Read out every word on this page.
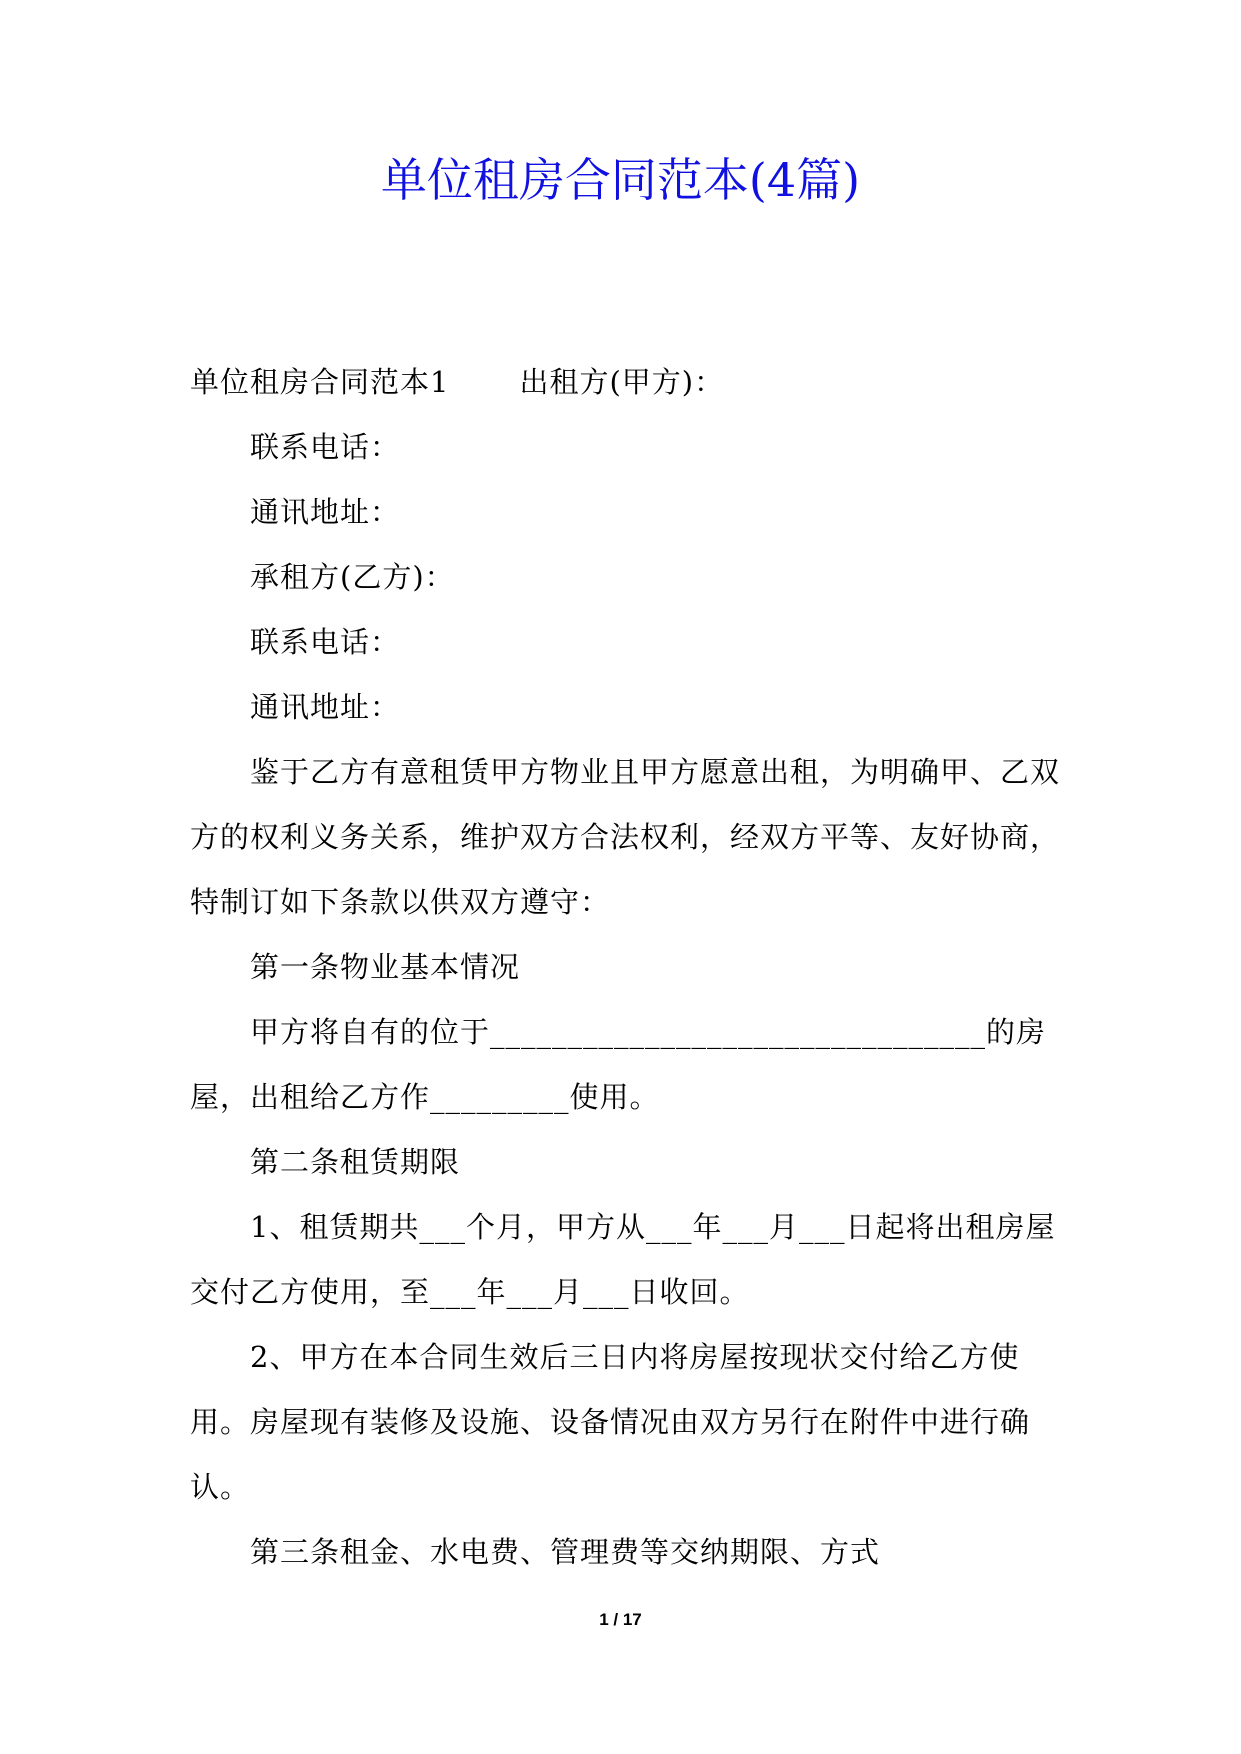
单位租房合同范本(4篇)

单位租房合同范本1 出租方(甲方)：

联系电话：

通讯地址：

承租方(乙方)：

联系电话：

通讯地址：

鉴于乙方有意租赁甲方物业且甲方愿意出租，为明确甲、乙双方的权利义务关系，维护双方合法权利，经双方平等、友好协商，特制订如下条款以供双方遵守：

第一条物业基本情况

甲方将自有的位于________________________________的房屋，出租给乙方作_________使用。

第二条租赁期限

1、租赁期共___个月，甲方从___年___月___日起将出租房屋交付乙方使用，至___年___月___日收回。

2、甲方在本合同生效后三日内将房屋按现状交付给乙方使用。房屋现有装修及设施、设备情况由双方另行在附件中进行确认。

第三条租金、水电费、管理费等交纳期限、方式

1 / 17
